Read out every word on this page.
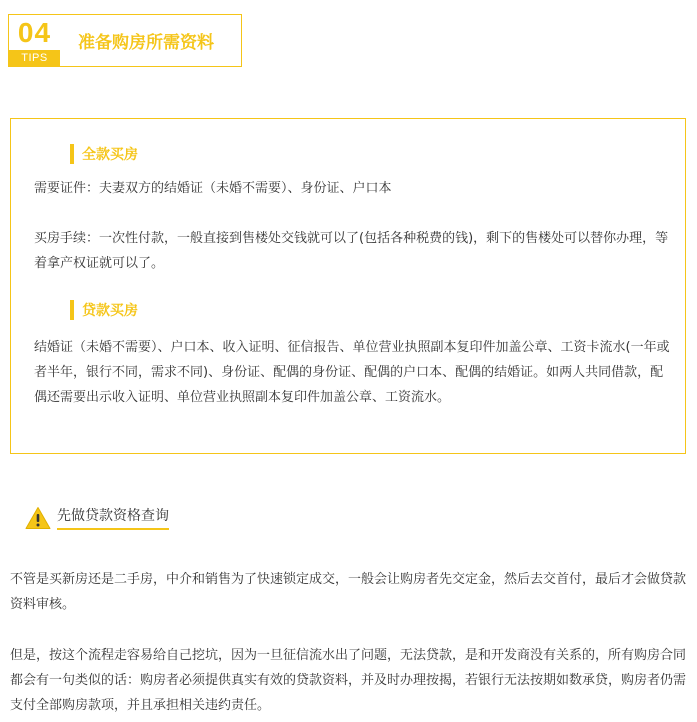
04
TIPS
准备购房所需资料
全款买房

需要证件：夫妻双方的结婚证（未婚不需要）、身份证、户口本

买房手续：一次性付款，一般直接到售楼处交钱就可以了(包括各种税费的钱)，剩下的售楼处可以替你办理，等着拿产权证就可以了。

贷款买房

结婚证（未婚不需要）、户口本、收入证明、征信报告、单位营业执照副本复印件加盖公章、工资卡流水(一年或者半年，银行不同，需求不同)、身份证、配偶的身份证、配偶的户口本、配偶的结婚证。如两人共同借款，配偶还需要出示收入证明、单位营业执照副本复印件加盖公章、工资流水。

先做贷款资格查询

不管是买新房还是二手房，中介和销售为了快速锁定成交，一般会让购房者先交定金，然后去交首付，最后才会做贷款资料审核。

但是，按这个流程走容易给自己挖坑，因为一旦征信流水出了问题，无法贷款，是和开发商没有关系的，所有购房合同都会有一句类似的话：购房者必须提供真实有效的贷款资料，并及时办理按揭，若银行无法按期如数承贷，购房者仍需支付全部购房款项，并且承担相关违约责任。
